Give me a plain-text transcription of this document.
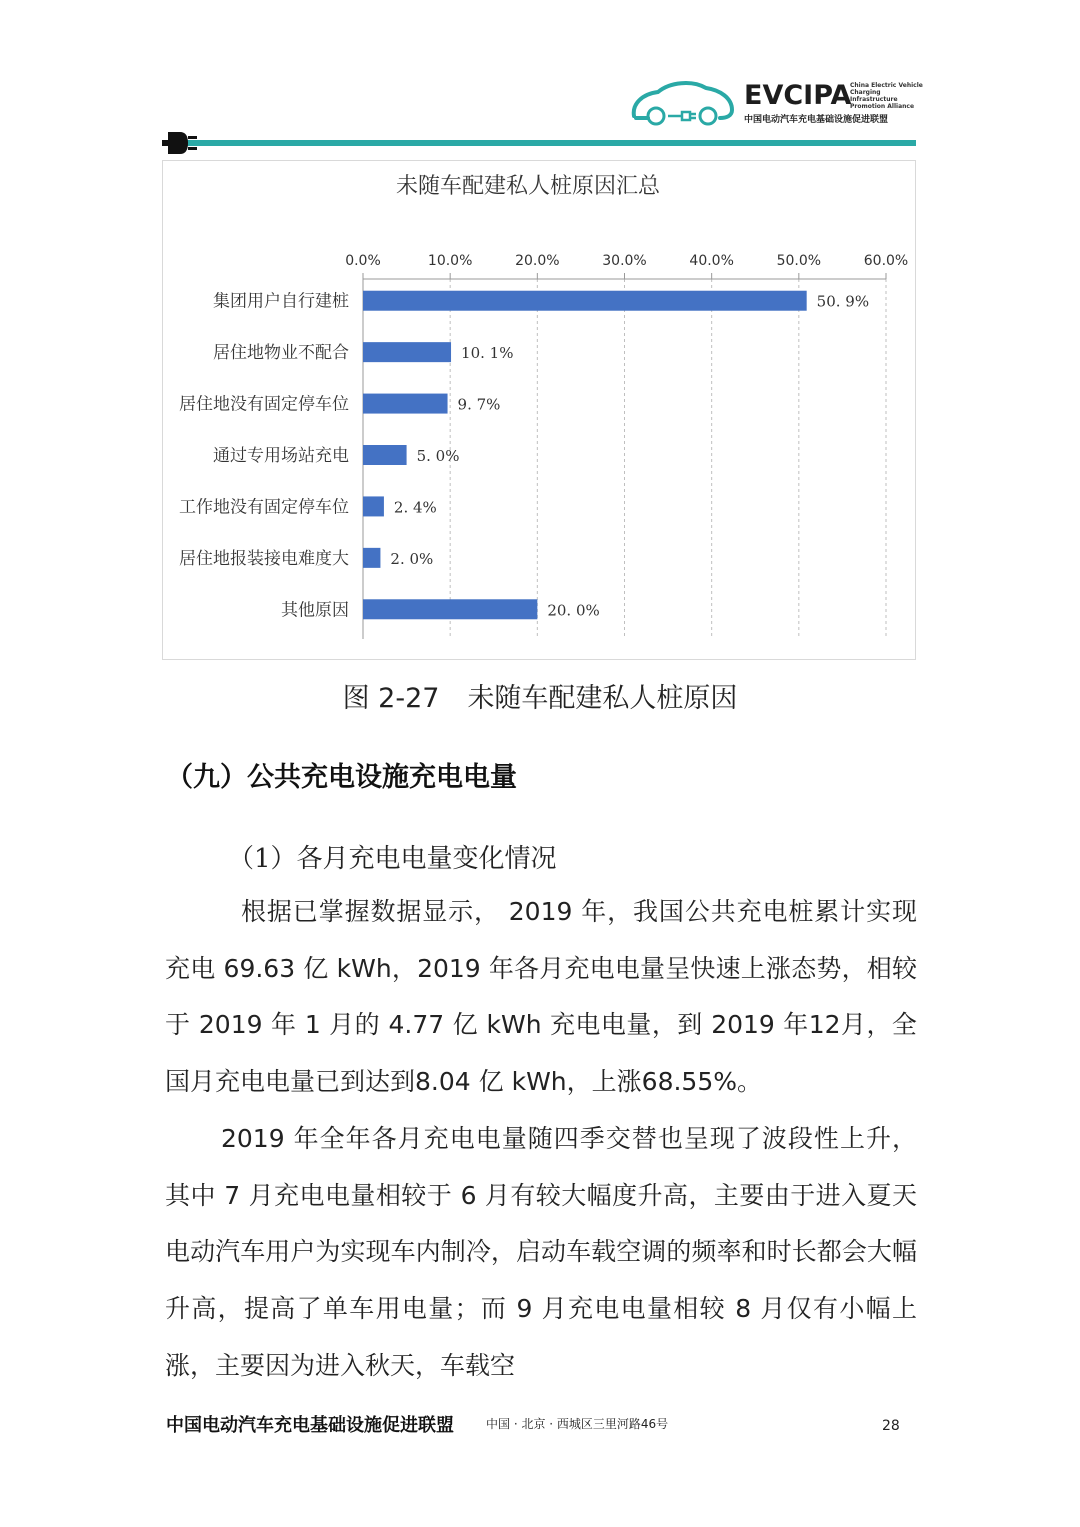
EVCIPA
China Electric Vehicle
Charging Infrastructure
Promotion Alliance
中国电动汽车充电基础设施促进联盟
未随车配建私人桩原因汇总
0.0%	10.0%	20.0%	30.0%	40.0%	50.0%	60.0%
集团用户自行建桩	50. 9%
居住地物业不配合	10. 1%
居住地没有固定停车位	9. 7%
通过专用场站充电	5. 0%
工作地没有固定停车位	2. 4%
居住地报装接电难度大	2. 0%
其他原因	20. 0%
图 2-27 未随车配建私人桩原因
（九）公共充电设施充电电量
（1）各月充电电量变化情况
根据已掌握数据显示， 2019 年，我国公共充电桩累计实现充电 69.63 亿 kWh，2019 年各月充电电量呈快速上涨态势，相较于 2019 年 1 月的 4.77 亿 kWh 充电电量，到 2019 年12月，全国月充电电量已到达到8.04 亿 kWh，上涨68.55%。
2019 年全年各月充电电量随四季交替也呈现了波段性上升，其中 7 月充电电量相较于 6 月有较大幅度升高，主要由于进入夏天电动汽车用户为实现车内制冷，启动车载空调的频率和时长都会大幅升高，提高了单车用电量；而 9 月充电电量相较 8 月仅有小幅上涨，主要因为进入秋天，车载空
中国电动汽车充电基础设施促进联盟	中国 · 北京 · 西城区三里河路46号	28
